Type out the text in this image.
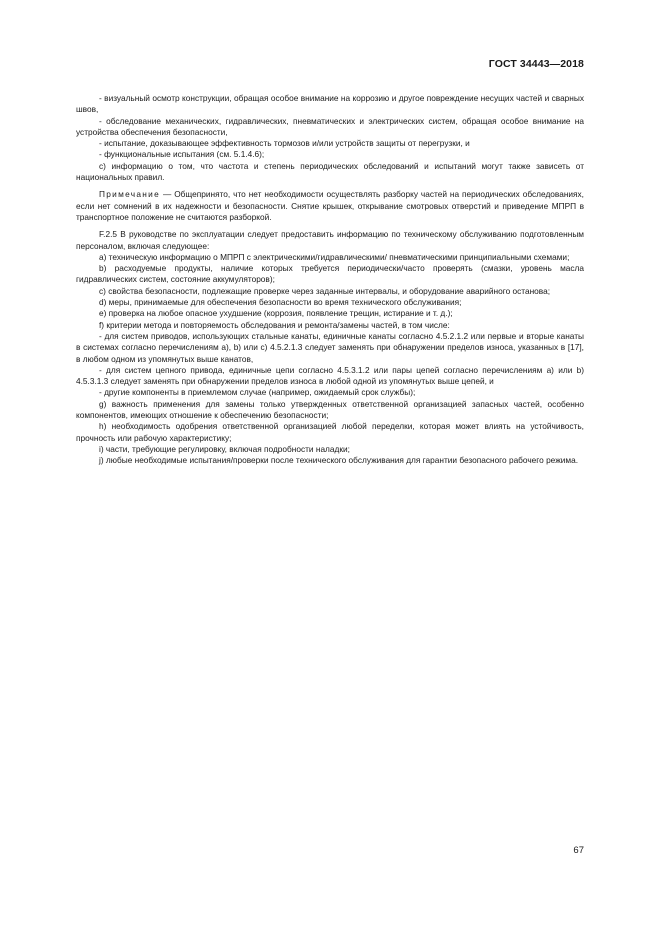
ГОСТ 34443—2018

- визуальный осмотр конструкции, обращая особое внимание на коррозию и другое повреждение несущих частей и сварных швов,

- обследование механических, гидравлических, пневматических и электрических систем, обращая особое внимание на устройства обеспечения безопасности,

- испытание, доказывающее эффективность тормозов и/или устройств защиты от перегрузки, и

- функциональные испытания (см. 5.1.4.6);

c) информацию о том, что частота и степень периодических обследований и испытаний могут также зависеть от национальных правил.

Примечание — Общепринято, что нет необходимости осуществлять разборку частей на периодических обследованиях, если нет сомнений в их надежности и безопасности. Снятие крышек, открывание смотровых отверстий и приведение МПРП в транспортное положение не считаются разборкой.

F.2.5 В руководстве по эксплуатации следует предоставить информацию по техническому обслуживанию подготовленным персоналом, включая следующее:

a) техническую информацию о МПРП с электрическими/гидравлическими/ пневматическими принципиальными схемами;

b) расходуемые продукты, наличие которых требуется периодически/часто проверять (смазки, уровень масла гидравлических систем, состояние аккумуляторов);

c) свойства безопасности, подлежащие проверке через заданные интервалы, и оборудование аварийного останова;

d) меры, принимаемые для обеспечения безопасности во время технического обслуживания;

e) проверка на любое опасное ухудшение (коррозия, появление трещин, истирание и т. д.);

f) критерии метода и повторяемость обследования и ремонта/замены частей, в том числе:

- для систем приводов, использующих стальные канаты, единичные канаты согласно 4.5.2.1.2 или первые и вторые канаты в системах согласно перечислениям a), b) или c) 4.5.2.1.3 следует заменять при обнаружении пределов износа, указанных в [17], в любом одном из упомянутых выше канатов,

- для систем цепного привода, единичные цепи согласно 4.5.3.1.2 или пары цепей согласно перечислениям a) или b) 4.5.3.1.3 следует заменять при обнаружении пределов износа в любой одной из упомянутых выше цепей, и

- другие компоненты в приемлемом случае (например, ожидаемый срок службы);

g) важность применения для замены только утвержденных ответственной организацией запасных частей, особенно компонентов, имеющих отношение к обеспечению безопасности;

h) необходимость одобрения ответственной организацией любой переделки, которая может влиять на устойчивость, прочность или рабочую характеристику;

i) части, требующие регулировку, включая подробности наладки;

j) любые необходимые испытания/проверки после технического обслуживания для гарантии безопасного рабочего режима.

67
